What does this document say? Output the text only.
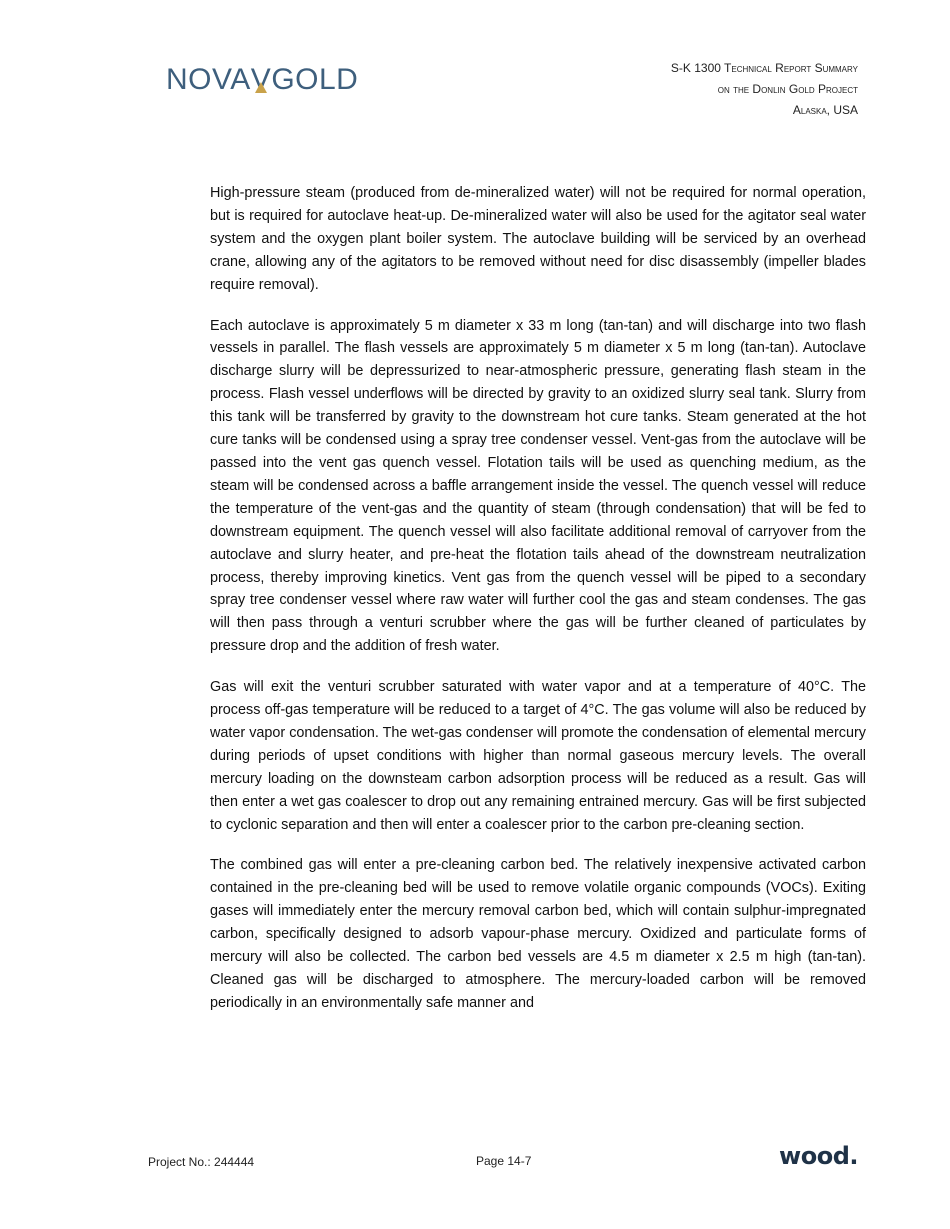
NOVA V GOLD	S-K 1300 Technical Report Summary
on the Donlin Gold Project
Alaska, USA

High-pressure steam (produced from de-mineralized water) will not be required for normal operation, but is required for autoclave heat-up. De-mineralized water will also be used for the agitator seal water system and the oxygen plant boiler system. The autoclave building will be serviced by an overhead crane, allowing any of the agitators to be removed without need for disc disassembly (impeller blades require removal).

Each autoclave is approximately 5 m diameter x 33 m long (tan-tan) and will discharge into two flash vessels in parallel. The flash vessels are approximately 5 m diameter x 5 m long (tan-tan). Autoclave discharge slurry will be depressurized to near-atmospheric pressure, generating flash steam in the process. Flash vessel underflows will be directed by gravity to an oxidized slurry seal tank. Slurry from this tank will be transferred by gravity to the downstream hot cure tanks. Steam generated at the hot cure tanks will be condensed using a spray tree condenser vessel. Vent-gas from the autoclave will be passed into the vent gas quench vessel. Flotation tails will be used as quenching medium, as the steam will be condensed across a baffle arrangement inside the vessel. The quench vessel will reduce the temperature of the vent-gas and the quantity of steam (through condensation) that will be fed to downstream equipment. The quench vessel will also facilitate additional removal of carryover from the autoclave and slurry heater, and pre-heat the flotation tails ahead of the downstream neutralization process, thereby improving kinetics. Vent gas from the quench vessel will be piped to a secondary spray tree condenser vessel where raw water will further cool the gas and steam condenses. The gas will then pass through a venturi scrubber where the gas will be further cleaned of particulates by pressure drop and the addition of fresh water.

Gas will exit the venturi scrubber saturated with water vapor and at a temperature of 40°C. The process off-gas temperature will be reduced to a target of 4°C. The gas volume will also be reduced by water vapor condensation. The wet-gas condenser will promote the condensation of elemental mercury during periods of upset conditions with higher than normal gaseous mercury levels. The overall mercury loading on the downsteam carbon adsorption process will be reduced as a result. Gas will then enter a wet gas coalescer to drop out any remaining entrained mercury. Gas will be first subjected to cyclonic separation and then will enter a coalescer prior to the carbon pre-cleaning section.

The combined gas will enter a pre-cleaning carbon bed. The relatively inexpensive activated carbon contained in the pre-cleaning bed will be used to remove volatile organic compounds (VOCs). Exiting gases will immediately enter the mercury removal carbon bed, which will contain sulphur-impregnated carbon, specifically designed to adsorb vapour-phase mercury. Oxidized and particulate forms of mercury will also be collected. The carbon bed vessels are 4.5 m diameter x 2.5 m high (tan-tan). Cleaned gas will be discharged to atmosphere. The mercury-loaded carbon will be removed periodically in an environmentally safe manner and

Project No.: 244444	Page 14-7	wood.
